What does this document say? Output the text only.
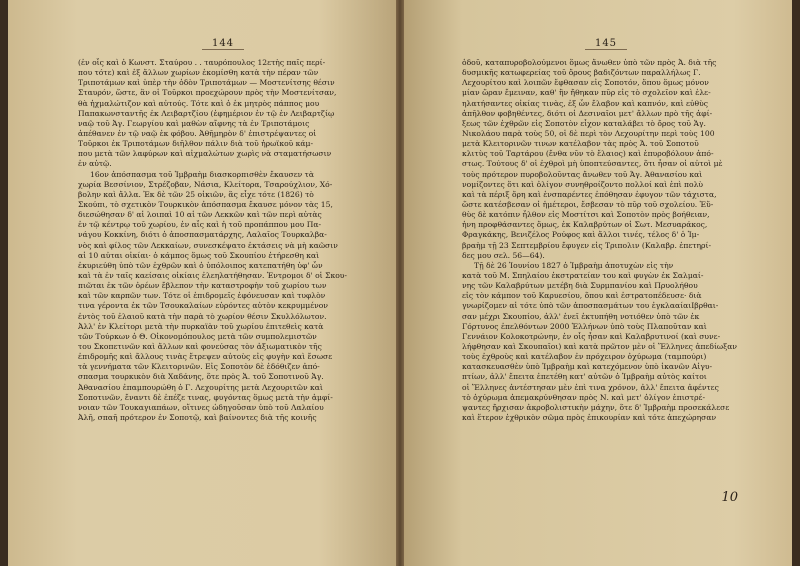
144
(ἐν οἷς καὶ ὁ Κωνστ. Σταύρου . . ταυρόπουλος 12ετὴς παῖς περί-
που τότε) καὶ ἐξ ἄλλων χωρίων ἐκομίσθη κατὰ τὴν πέραν τῶν
Τριποτάμων καὶ ὑπὲρ τὴν ὁδὸν Τριποτάμων — Μοστενίτσης θέσιν
Σταυρόν, ὥστε, ἂν οἱ Τοῦρκοι προεχώρουν πρὸς τὴν Μοστενίτσαν,
θὰ ἠχμαλώτιζον καὶ αὐτούς. Τότε καὶ ὁ ἐκ μητρὸς πάππος μου
Παπακωνσταντῆς ἐκ Λειβαρτζίου (ἐφημέριον ἐν τῷ ἐν Λειβαρτζίῳ
ναῷ τοῦ Ἁγ. Γεωργίου καὶ μαθὼν αἴφνης τὰ ἐν Τριποτάμοις
ἀπέθανεν ἐν τῷ ναῷ ἐκ φόβου. Ἀθῆμηρὸν δ' ἐπιστρέψαντες οἱ
Τοῦρκοι ἐκ Τριποτάμων διῆλθον πάλιν διὰ τοῦ ἠρωϊκοῦ κάμ-
που μετὰ τῶν λαφύρων καὶ αἰχμαλώτων χωρὶς νὰ σταματήσωσιν
ἐν αὐτῷ.
16ον ἀπόσπασμα τοῦ Ἰμβραὴμ διασκορπισθὲν ἔκαυσεν τὰ
χωρία Βεσσίνιον, Στρέζοβαν, Νάσια, Κλείτορα, Τσαρούχλιον, Χό-
βολην καὶ ἄλλα. Ἐκ δὲ τῶν 25 οἰκιῶν, ἃς εἶχε τότε (1826) τὸ
Σκούπι, τὸ σχετικὸν Τουρκικὸν ἀπόσπασμα ἔκαυσε μόνον τὰς 15,
διεσώθησαν δ' αἱ λοιπαὶ 10 αἱ τῶν Λεκκῶν καὶ τῶν περὶ αὐτὰς
ἐν τῷ κέντρῳ τοῦ χωρίου, ἐν αἷς καὶ ἡ τοῦ προπάππου μου Πα-
νάγου Κοκκίνη, διότι ὁ ἀποσπασματάρχης, Λαλαῖος Τουρκαλβα-
νὸς καὶ φίλος τῶν Λεκκαίων, συνεσκέψατο ἐκτάσεις νὰ μὴ καῶσιν
αἱ 10 αὐται οἰκίαι· ὁ κάμπος ὅμως τοῦ Σκουπίου ἐτήρεσθη καὶ
ἐκυριεύθη ὑπὸ τῶν ἐχθρῶν καὶ ὁ ὑπόλοιπος κατεπατήθη ὑφ' ὧν
καὶ τὰ ἐν ταῖς καείσαις οἰκίαις ἐλεηλατήθησαν. Ἐντρομοι δ' οἱ Σκου-
πιῶται ἐκ τῶν ὀρέων ἔβλεπον τὴν καταστροφὴν τοῦ χωρίου των
καὶ τῶν καρπῶν των. Τότε οἱ ἐπιδρομεῖς ἐφόνευσαν καὶ τυφλὸν
τινα γέροντα ἐκ τῶν Τσουκαλαίων εὑρόντες αὐτὸν κεκρυμμένον
ἐντὸς τοῦ ἐλαιοῦ κατὰ τὴν παρὰ τὸ χωρίον θέσιν Σκυλλόλωτον.
Ἀλλ' ἐν Κλείτορι μετὰ τὴν πυρκαϊὰν τοῦ χωρίου ἐπιτεθεὶς κατὰ
τῶν Τούρκων ὁ Θ. Οἰκονομόπουλος μετὰ τῶν συμπολεμιστῶν
του Σκοπετινῶν καὶ ἄλλων καὶ φονεύσας τὸν ἀξιωματικὸν τῆς
ἐπιδρομῆς καὶ ἄλλους τινὰς ἔτρεψεν αὐτοὺς εἰς φυγὴν καὶ ἔσωσε
τὰ γεννήματα τῶν Κλειτορινῶν. Εἰς Σοποτὸν δὲ ἐδόθιζεν ἀπό-
σπασμα τουρκικὸν διὰ Χαδάνης, ὅτε πρὸς Ἁ. τοῦ Σοποτινοῦ Ἁγ.
Ἀθανασίου ἐπαμπουρώθη ὁ Γ. Λεχουρίτης μετὰ Λεχουριτῶν καὶ
Σοποτινῶν, ἔναντι δὲ ἐπέζε τινας, φυγόντας ὅμως μετὰ τὴν ἀμφί-
νοιαν τῶν Τουκαγιαπάων, οἵτινες ὡδηγοῦσαν ὑπὸ τοῦ Λαλαίου
Ἀλῆ, σπαῆ πρότερον ἐν Σοποτῷ, καὶ βαίνοντες διὰ τῆς κοινῆς
145
ὁδοῦ, καταπυροβολούμενοι ὅμως ἄνωθεν ὑπὸ τῶν πρὸς Ἁ. διὰ τῆς
δυσμικῆς κατωφερείας τοῦ ὄρους βαδιζόντων παραλλήλως Γ.
Λεχουρίτου καὶ λοιπῶν ἔφθασαν εἰς Σοποτόν, ὅπου ὅμως μόνον
μίαν ὥραν ἔμειναν, καθ' ἣν ἤθηκαν πῦρ εἰς τὸ σχολεῖον καὶ ἐλε-
ηλατήσαντες οἰκίας τινὰς, ἐξ ὧν ἔλαβον καὶ καπνόν, καὶ εὐθὺς
ἀπῆλθον φοβηθέντες, διότι οἱ Δεσιναῖοι μετ' ἄλλων πρὸ τῆς ἀφί-
ξεως τῶν ἐχθρῶν εἰς Σοποτὸν εἶχον καταλάβει τὸ ὄρος τοῦ Ἁγ.
Νικολάου παρὰ τοὺς 50, οἱ δὲ περὶ τὸν Λεχουρίτην περὶ τοὺς 100
μετὰ Κλειτορινῶν τινων κατέλαβον τὰς πρὸς Ἁ. τοῦ Σοποτοῦ
κλιτὺς τοῦ Ταρτάρου (ἔνθα νῦν τὸ ἔλαιος) καὶ ἐπυροβόλουν ἀπό-
στως. Τούτους δ' οἱ ἐχθροὶ μὴ ὑποπτεύσαντες, ὅτι ἦσαν οἱ αὐτοὶ μὲ
τοὺς πρότερον πυροβολοῦντας ἄνωθεν τοῦ Ἁγ. Ἀθανασίου καὶ
νομίζοντες ὅτι καὶ ὀλίγον συνηθροίζοντο πολλοί καὶ ἐπὶ πολὺ
καὶ τὰ πέριξ ὄρη καὶ ἐνσπαρέντες ἐπόθησαν ἐφυγον τῶν τάχιστα,
ὥστε κατέσβεσαν οἱ ἡμέτεροι, ἔσβεσαν τὸ πῦρ τοῦ σχολείου. Ἐὔ-
θὺς δὲ κατόπιν ἦλθον εἰς Μοστίτσι καὶ Σοποτὸν πρὸς βοήθειαν,
ἠνη προφθάσαντες ὅμως, ἐκ Καλαβρύτων οἱ Σωτ. Μεσυαράκος,
Φραγκάκης, Βενιζέλος Ρούφος καὶ ἄλλοι τινές, τέλος δ' ὁ Ἰμ-
βραὴμ τῇ 23 Σεπτεμβρίου ἔφυγεν εἰς Τριπολιν (Καλαβρ. ἐπετηρί-
δες μου σελ. 56—64).
Τῇ δὲ 26 Ἰουνίου 1827 ὁ Ἰμβραὴμ ἀποτυχὼν εἰς τὴν
κατὰ τοῦ Μ. Σπηλαίου ἐκστρατείαν του καὶ φυγὼν ἐκ Σαλμαί-
νης τῶν Καλαβρύτων μετέβη διὰ Συρμπανίου καὶ Πρυολήθου
εἰς τὸν κάμπον τοῦ Καρυεσίου, ὅπου καὶ ἐστρατοπέδευσε· διὰ
γνωρίζομεν αἱ τότε ὑπὸ τῶν ἀποσπασμάτων του ἐγκλααίαιΙβρθαι-
σαν μέχρι Σκουπίου, ἀλλ' ἐνεῖ ἐκτυπήθη νοτιόθεν ὑπὸ τῶν ἐκ
Γόρτυνος ἐπελθόντων 2000 Ἑλλήνων ὑπὸ τοὺς Πλαποῦταν καὶ
Γεννάιον Κολοκοτρώνην, ἐν οἷς ἦσαν καὶ Καλαβρυτινοί (καὶ συνε-
λήφθησαν καὶ Σκουπαῖοι) καὶ κατὰ πρῶτον μὲν οἱ Ἕλληνες ἀπεδίωξαν
τοὺς ἐχθροὺς καὶ κατέλαβον ἐν πρόχειρον ὀχύρωμα (ταμπούρι)
κατασκευασθὲν ὑπὸ Ἰμβραὴμ καὶ κατεχόμενον ὑπὸ ἱκανῶν Αἰγυ-
πτίων, ἀλλ' ἔπειτα ἐπετέθη κατ' αὐτῶν ὁ Ἰμβραὴμ αὐτὸς καίτοι
οἱ Ἕλληνες ἀντέστησαν μὲν ἐπὶ τινα χρόνον, ἀλλ' ἔπειτα ἀφέντες
τὸ ὀχύρωμα ἀπεμακρύνθησαν πρὸς Ν. καὶ μετ' ὀλίγον ἐπιστρέ-
ψαντες ἤρχισαν ἀκροβολιστικὴν μάχην, ὅτε δ' Ἰμβραὴμ προσεκάλεσε
καὶ ἕτερον ἐχθρικὸν σῶμα πρὸς ἐπικουρίαν καὶ τότε ἀπεχώρησαν
10
